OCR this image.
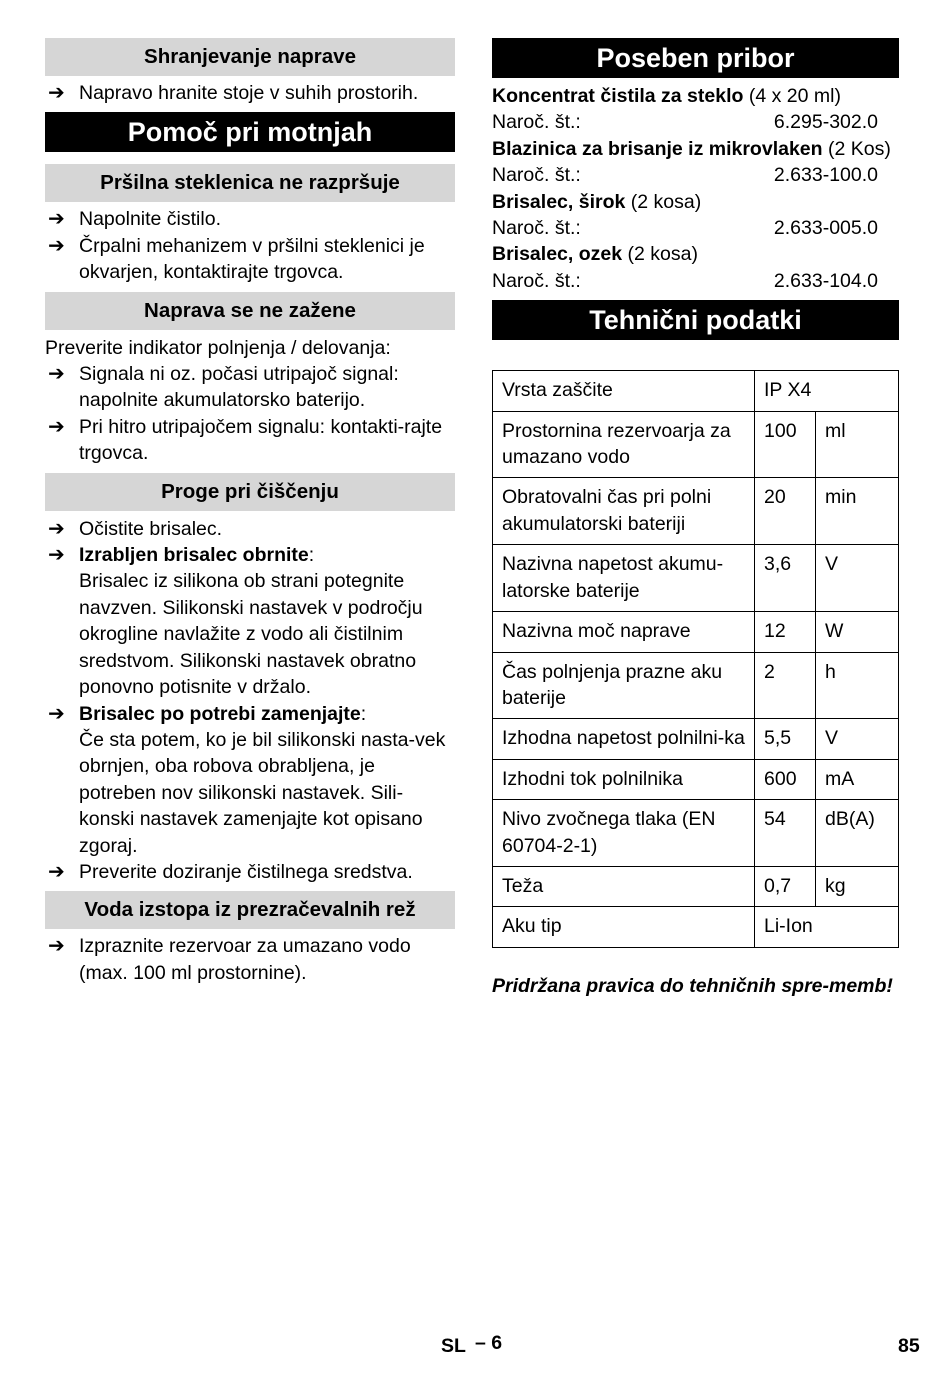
Shranjevanje naprave
➔ Napravo hranite stoje v suhih prostorih.
Pomoč pri motnjah
Pršilna steklenica ne razpršuje
➔ Napolnite čistilo.
➔ Črpalni mehanizem v pršilni steklenici je okvarjen, kontaktirajte trgovca.
Naprava se ne zažene

Preverite indikator polnjenja / delovanja:

➔ Signala ni oz. počasi utripajoč signal: napolnite akumulatorsko baterijo.
➔ Pri hitro utripajočem signalu: kontakti-rajte trgovca.
Proge pri čiščenju
➔ Očistite brisalec.
➔ Izrabljen brisalec obrnite:
Brisalec iz silikona ob strani potegnite navzven. Silikonski nastavek v področju okrogline navlažite z vodo ali čistilnim sredstvom. Silikonski nastavek obratno ponovno potisnite v držalo.
➔ Brisalec po potrebi zamenjajte:
Če sta potem, ko je bil silikonski nasta-vek obrnjen, oba robova obrabljena, je potreben nov silikonski nastavek. Sili-konski nastavek zamenjajte kot opisano zgoraj.
➔ Preverite doziranje čistilnega sredstva.
Voda izstopa iz prezračevalnih rež
➔ Izpraznite rezervoar za umazano vodo (max. 100 ml prostornine).
Poseben pribor

Koncentrat čistila za steklo (4 x 20 ml)

Naroč. št.:	6.295-302.0

Blazinica za brisanje iz mikrovlaken (2 Kos)

Naroč. št.:	2.633-100.0

Brisalec, širok (2 kosa)

Naroč. št.:	2.633-005.0

Brisalec, ozek (2 kosa)

Naroč. št.:	2.633-104.0
Tehnični podatki
Vrsta zaščite	IP X4	
Prostornina rezervoarja za umazano vodo	100	ml
Obratovalni čas pri polni akumulatorski bateriji	20	min
Nazivna napetost akumu-latorske baterije	3,6	V
Nazivna moč naprave	12	W
Čas polnjenja prazne aku baterije	2	h
Izhodna napetost polnilni-ka	5,5	V
Izhodni tok polnilnika	600	mA
Nivo zvočnega tlaka (EN 60704-2-1)	54	dB(A)
Teža	0,7	kg
Aku tip	Li-Ion	

Pridržana pravica do tehničnih spre-memb!

SL – 6	85
